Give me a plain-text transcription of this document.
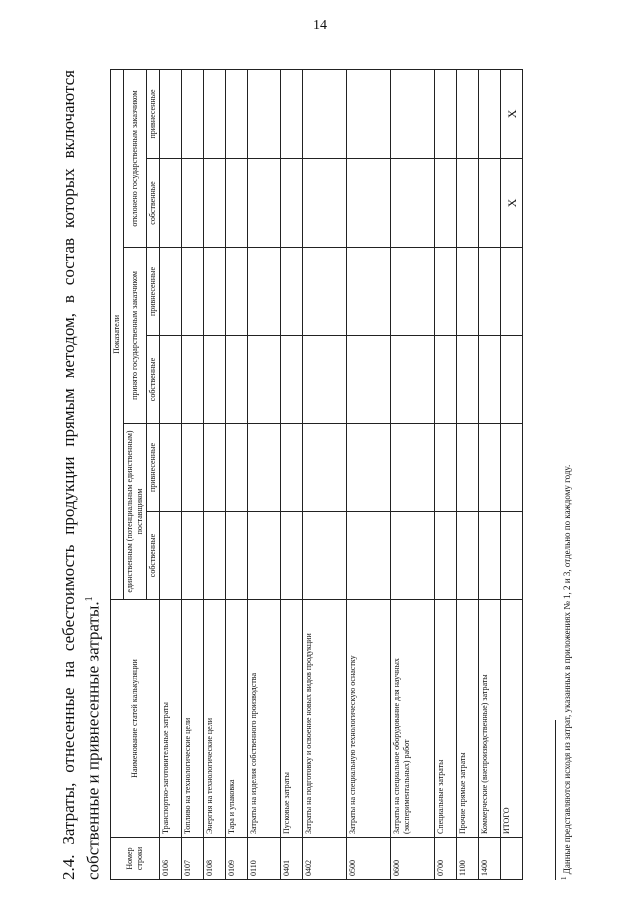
14
2.4. Затраты, отнесенные на себестоимость продукции прямым методом, в состав которых включаются собственные и привнесенные затраты.$^1$
Номер строки	Наименование статей калькуляции	Показатели					
		единственным (потенциальным единственным) поставщиком		принято государственным заказчиком		отклонено государственным заказчиком	
		собственные	привнесенные	собственные	привнесенные	собственные	привнесенные
0106	Транспортно-заготовительные затраты						
0107	Топливо на технологические цели						
0108	Энергия на технологические цели						
0109	Тара и упаковка						
0110	Затраты на изделия собственного производства						
0401	Пусковые затраты						
0402	Затраты на подготовку и освоение новых видов продукции						
0500	Затраты на специальную технологическую оснастку						
0600	Затраты на специальное оборудование для научных (экспериментальных) работ						
0700	Специальные затраты						
1100	Прочие прямые затраты						
1400	Коммерческие (внепроизводственные) затраты						
	ИТОГО					X	X
$^1$ Данные представляются исходя из затрат, указанных в приложениях № 1, 2 и 3, отдельно по каждому году.
